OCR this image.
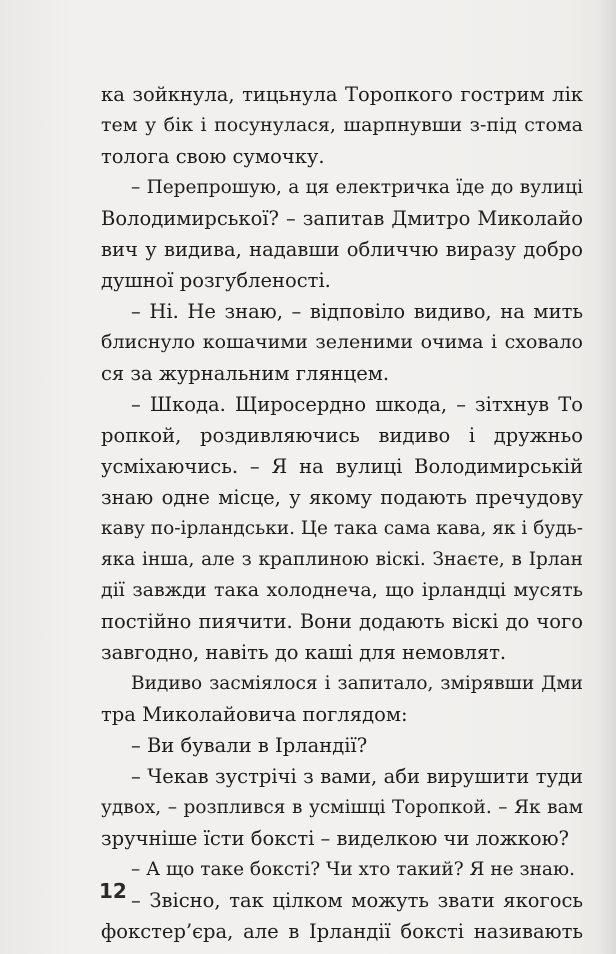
ка зойкнула, тицьнула Торопкого гострим лік
тем у бік і посунулася, шарпнувши з-під стома
толога свою сумочку.
– Перепрошую, а ця електричка їде до вулиці
Володимирської? – запитав Дмитро Миколайо
вич у видива, надавши обличчю виразу добро
душної розгубленості.
– Ні. Не знаю, – відповіло видиво, на мить
блиснуло кошачими зеленими очима і сховало
ся за журнальним глянцем.
– Шкода. Щиросердно шкода, – зітхнув То
ропкой, роздивляючись видиво і дружньо
усміхаючись. – Я на вулиці Володимирській
знаю одне місце, у якому подають пречудову
каву по-ірландськи. Це така сама кава, як і будь-
яка інша, але з краплиною віскі. Знаєте, в Ірлан
дії завжди така холоднеча, що ірландці мусять
постійно пиячити. Вони додають віскі до чого
завгодно, навіть до каші для немовлят.
Видиво засміялося і запитало, змірявши Дми
тра Миколайовича поглядом:
– Ви бували в Ірландії?
– Чекав зустрічі з вами, аби вирушити туди
удвох, – розплився в усмішці Торопкой. – Як вам
зручніше їсти боксті – виделкою чи ложкою?
– А що таке боксті? Чи хто такий? Я не знаю.
– Звісно, так цілком можуть звати якогось
фокстер’єра, але в Ірландії боксті називають
12
